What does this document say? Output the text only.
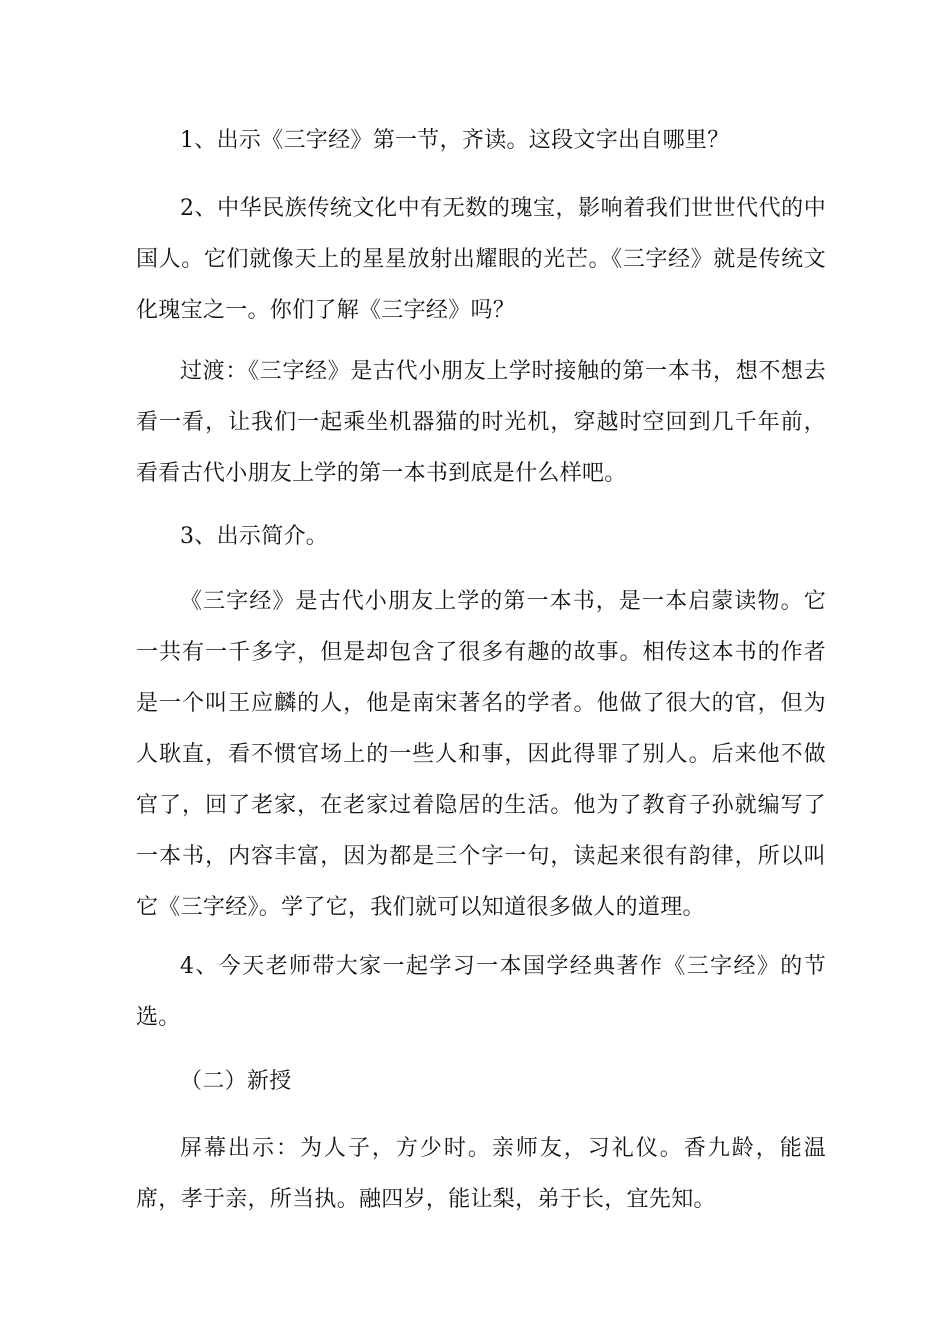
1、出示《三字经》第一节，齐读。这段文字出自哪里？

2、中华民族传统文化中有无数的瑰宝，影响着我们世世代代的中国人。它们就像天上的星星放射出耀眼的光芒。《三字经》就是传统文化瑰宝之一。你们了解《三字经》吗？

过渡：《三字经》是古代小朋友上学时接触的第一本书，想不想去看一看，让我们一起乘坐机器猫的时光机，穿越时空回到几千年前，看看古代小朋友上学的第一本书到底是什么样吧。

3、出示简介。

《三字经》是古代小朋友上学的第一本书，是一本启蒙读物。它一共有一千多字，但是却包含了很多有趣的故事。相传这本书的作者是一个叫王应麟的人，他是南宋著名的学者。他做了很大的官，但为人耿直，看不惯官场上的一些人和事，因此得罪了别人。后来他不做官了，回了老家，在老家过着隐居的生活。他为了教育子孙就编写了一本书，内容丰富，因为都是三个字一句，读起来很有韵律，所以叫它《三字经》。学了它，我们就可以知道很多做人的道理。

4、今天老师带大家一起学习一本国学经典著作《三字经》的节选。

（二）新授

屏幕出示：为人子，方少时。亲师友，习礼仪。香九龄，能温席，孝于亲，所当执。融四岁，能让梨，弟于长，宜先知。
